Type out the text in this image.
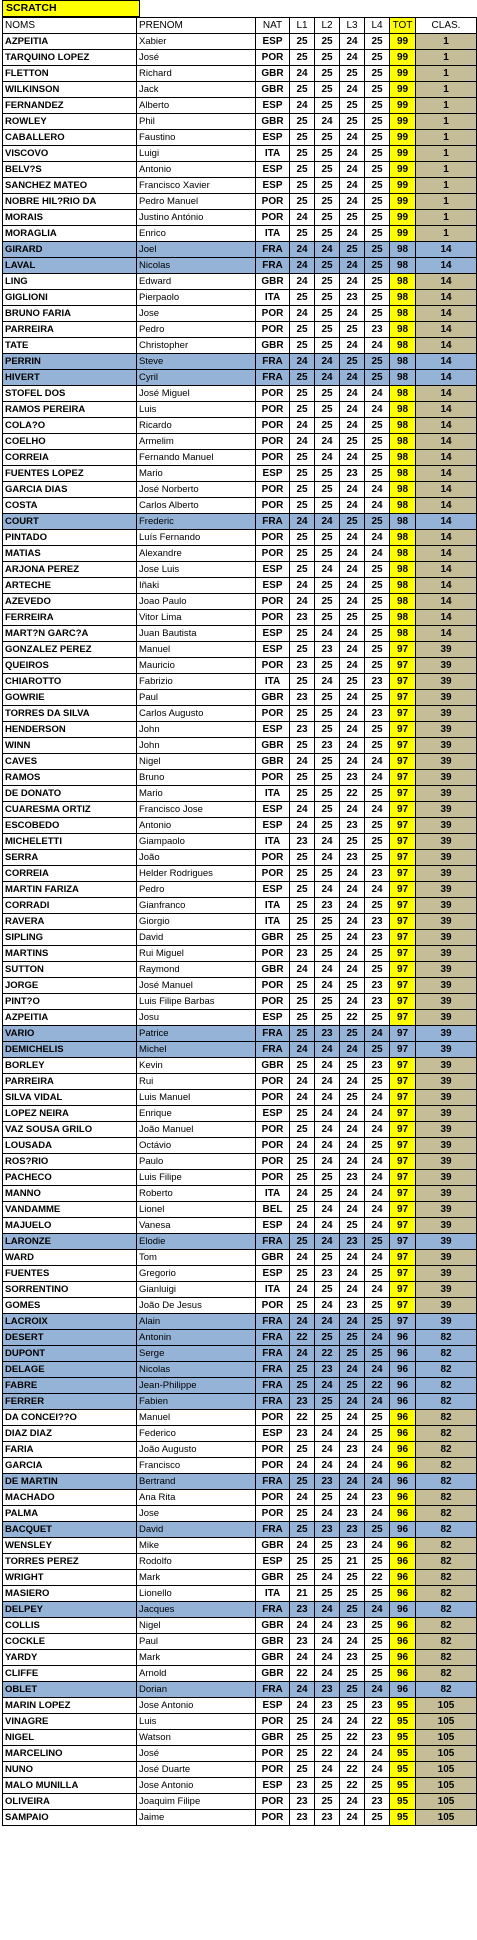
SCRATCH
NOMS	PRENOM	NAT	L1	L2	L3	L4	TOT	CLAS.
AZPEITIA	Xabier	ESP	25	25	24	25	99	1
TARQUINO LOPEZ	José	POR	25	25	24	25	99	1
FLETTON	Richard	GBR	24	25	25	25	99	1
WILKINSON	Jack	GBR	25	25	24	25	99	1
FERNANDEZ	Alberto	ESP	24	25	25	25	99	1
ROWLEY	Phil	GBR	25	24	25	25	99	1
CABALLERO	Faustino	ESP	25	25	24	25	99	1
VISCOVO	Luigi	ITA	25	25	24	25	99	1
BELV?S	Antonio	ESP	25	25	24	25	99	1
SANCHEZ MATEO	Francisco Xavier	ESP	25	25	24	25	99	1
NOBRE HIL?RIO DA	Pedro Manuel	POR	25	25	24	25	99	1
MORAIS	Justino António	POR	24	25	25	25	99	1
MORAGLIA	Enrico	ITA	25	25	24	25	99	1
GIRARD	Joel	FRA	24	24	25	25	98	14
LAVAL	Nicolas	FRA	24	25	24	25	98	14
LING	Edward	GBR	24	25	24	25	98	14
GIGLIONI	Pierpaolo	ITA	25	25	23	25	98	14
BRUNO FARIA	Jose	POR	24	25	24	25	98	14
PARREIRA	Pedro	POR	25	25	25	23	98	14
TATE	Christopher	GBR	25	25	24	24	98	14
PERRIN	Steve	FRA	24	24	25	25	98	14
HIVERT	Cyril	FRA	25	24	24	25	98	14
STOFEL DOS	José Miguel	POR	25	25	24	24	98	14
RAMOS PEREIRA	Luis	POR	25	25	24	24	98	14
COLA?O	Ricardo	POR	24	25	24	25	98	14
COELHO	Armelim	POR	24	24	25	25	98	14
CORREIA	Fernando Manuel	POR	25	24	24	25	98	14
FUENTES LOPEZ	Mario	ESP	25	25	23	25	98	14
GARCIA DIAS	José Norberto	POR	25	25	24	24	98	14
COSTA	Carlos Alberto	POR	25	25	24	24	98	14
COURT	Frederic	FRA	24	24	25	25	98	14
PINTADO	Luís Fernando	POR	25	25	24	24	98	14
MATIAS	Alexandre	POR	25	25	24	24	98	14
ARJONA PEREZ	Jose Luis	ESP	25	24	24	25	98	14
ARTECHE	Iñaki	ESP	24	25	24	25	98	14
AZEVEDO	Joao Paulo	POR	24	25	24	25	98	14
FERREIRA	Vitor Lima	POR	23	25	25	25	98	14
MART?N GARC?A	Juan Bautista	ESP	25	24	24	25	98	14
GONZALEZ PEREZ	Manuel	ESP	25	23	24	25	97	39
QUEIROS	Mauricio	POR	23	25	24	25	97	39
CHIAROTTO	Fabrizio	ITA	25	24	25	23	97	39
GOWRIE	Paul	GBR	23	25	24	25	97	39
TORRES DA SILVA	Carlos Augusto	POR	25	25	24	23	97	39
HENDERSON	John	ESP	23	25	24	25	97	39
WINN	John	GBR	25	23	24	25	97	39
CAVES	Nigel	GBR	24	25	24	24	97	39
RAMOS	Bruno	POR	25	25	23	24	97	39
DE DONATO	Mario	ITA	25	25	22	25	97	39
CUARESMA ORTIZ	Francisco Jose	ESP	24	25	24	24	97	39
ESCOBEDO	Antonio	ESP	24	25	23	25	97	39
MICHELETTI	Giampaolo	ITA	23	24	25	25	97	39
SERRA	João	POR	25	24	23	25	97	39
CORREIA	Helder Rodrigues	POR	25	25	24	23	97	39
MARTIN FARIZA	Pedro	ESP	25	24	24	24	97	39
CORRADI	Gianfranco	ITA	25	23	24	25	97	39
RAVERA	Giorgio	ITA	25	25	24	23	97	39
SIPLING	David	GBR	25	25	24	23	97	39
MARTINS	Rui Miguel	POR	23	25	24	25	97	39
SUTTON	Raymond	GBR	24	24	24	25	97	39
JORGE	José Manuel	POR	25	24	25	23	97	39
PINT?O	Luis Filipe Barbas	POR	25	25	24	23	97	39
AZPEITIA	Josu	ESP	25	25	22	25	97	39
VARIO	Patrice	FRA	25	23	25	24	97	39
DEMICHELIS	Michel	FRA	24	24	24	25	97	39
BORLEY	Kevin	GBR	25	24	25	23	97	39
PARREIRA	Rui	POR	24	24	24	25	97	39
SILVA VIDAL	Luis Manuel	POR	24	24	25	24	97	39
LOPEZ NEIRA	Enrique	ESP	25	24	24	24	97	39
VAZ SOUSA GRILO	João Manuel	POR	25	24	24	24	97	39
LOUSADA	Octávio	POR	24	24	24	25	97	39
ROS?RIO	Paulo	POR	25	24	24	24	97	39
PACHECO	Luis Filipe	POR	25	25	23	24	97	39
MANNO	Roberto	ITA	24	25	24	24	97	39
VANDAMME	Lionel	BEL	25	24	24	24	97	39
MAJUELO	Vanesa	ESP	24	24	25	24	97	39
LARONZE	Elodie	FRA	25	24	23	25	97	39
WARD	Tom	GBR	24	25	24	24	97	39
FUENTES	Gregorio	ESP	25	23	24	25	97	39
SORRENTINO	Gianluigi	ITA	24	25	24	24	97	39
GOMES	João De Jesus	POR	25	24	23	25	97	39
LACROIX	Alain	FRA	24	24	24	25	97	39
DESERT	Antonin	FRA	22	25	25	24	96	82
DUPONT	Serge	FRA	24	22	25	25	96	82
DELAGE	Nicolas	FRA	25	23	24	24	96	82
FABRE	Jean-Philippe	FRA	25	24	25	22	96	82
FERRER	Fabien	FRA	23	25	24	24	96	82
DA CONCEI??O	Manuel	POR	22	25	24	25	96	82
DIAZ DIAZ	Federico	ESP	23	24	24	25	96	82
FARIA	João Augusto	POR	25	24	23	24	96	82
GARCIA	Francisco	POR	24	24	24	24	96	82
DE MARTIN	Bertrand	FRA	25	23	24	24	96	82
MACHADO	Ana Rita	POR	24	25	24	23	96	82
PALMA	Jose	POR	25	24	23	24	96	82
BACQUET	David	FRA	25	23	23	25	96	82
WENSLEY	Mike	GBR	24	25	23	24	96	82
TORRES PEREZ	Rodolfo	ESP	25	25	21	25	96	82
WRIGHT	Mark	GBR	25	24	25	22	96	82
MASIERO	Lionello	ITA	21	25	25	25	96	82
DELPEY	Jacques	FRA	23	24	25	24	96	82
COLLIS	Nigel	GBR	24	24	23	25	96	82
COCKLE	Paul	GBR	23	24	24	25	96	82
YARDY	Mark	GBR	24	24	23	25	96	82
CLIFFE	Arnold	GBR	22	24	25	25	96	82
OBLET	Dorian	FRA	24	23	25	24	96	82
MARIN LOPEZ	Jose Antonio	ESP	24	23	25	23	95	105
VINAGRE	Luis	POR	25	24	24	22	95	105
NIGEL	Watson	GBR	25	25	22	23	95	105
MARCELINO	José	POR	25	22	24	24	95	105
NUNO	José Duarte	POR	25	24	22	24	95	105
MALO MUNILLA	Jose Antonio	ESP	23	25	22	25	95	105
OLIVEIRA	Joaquim Filipe	POR	23	25	24	23	95	105
SAMPAIO	Jaime	POR	23	23	24	25	95	105
